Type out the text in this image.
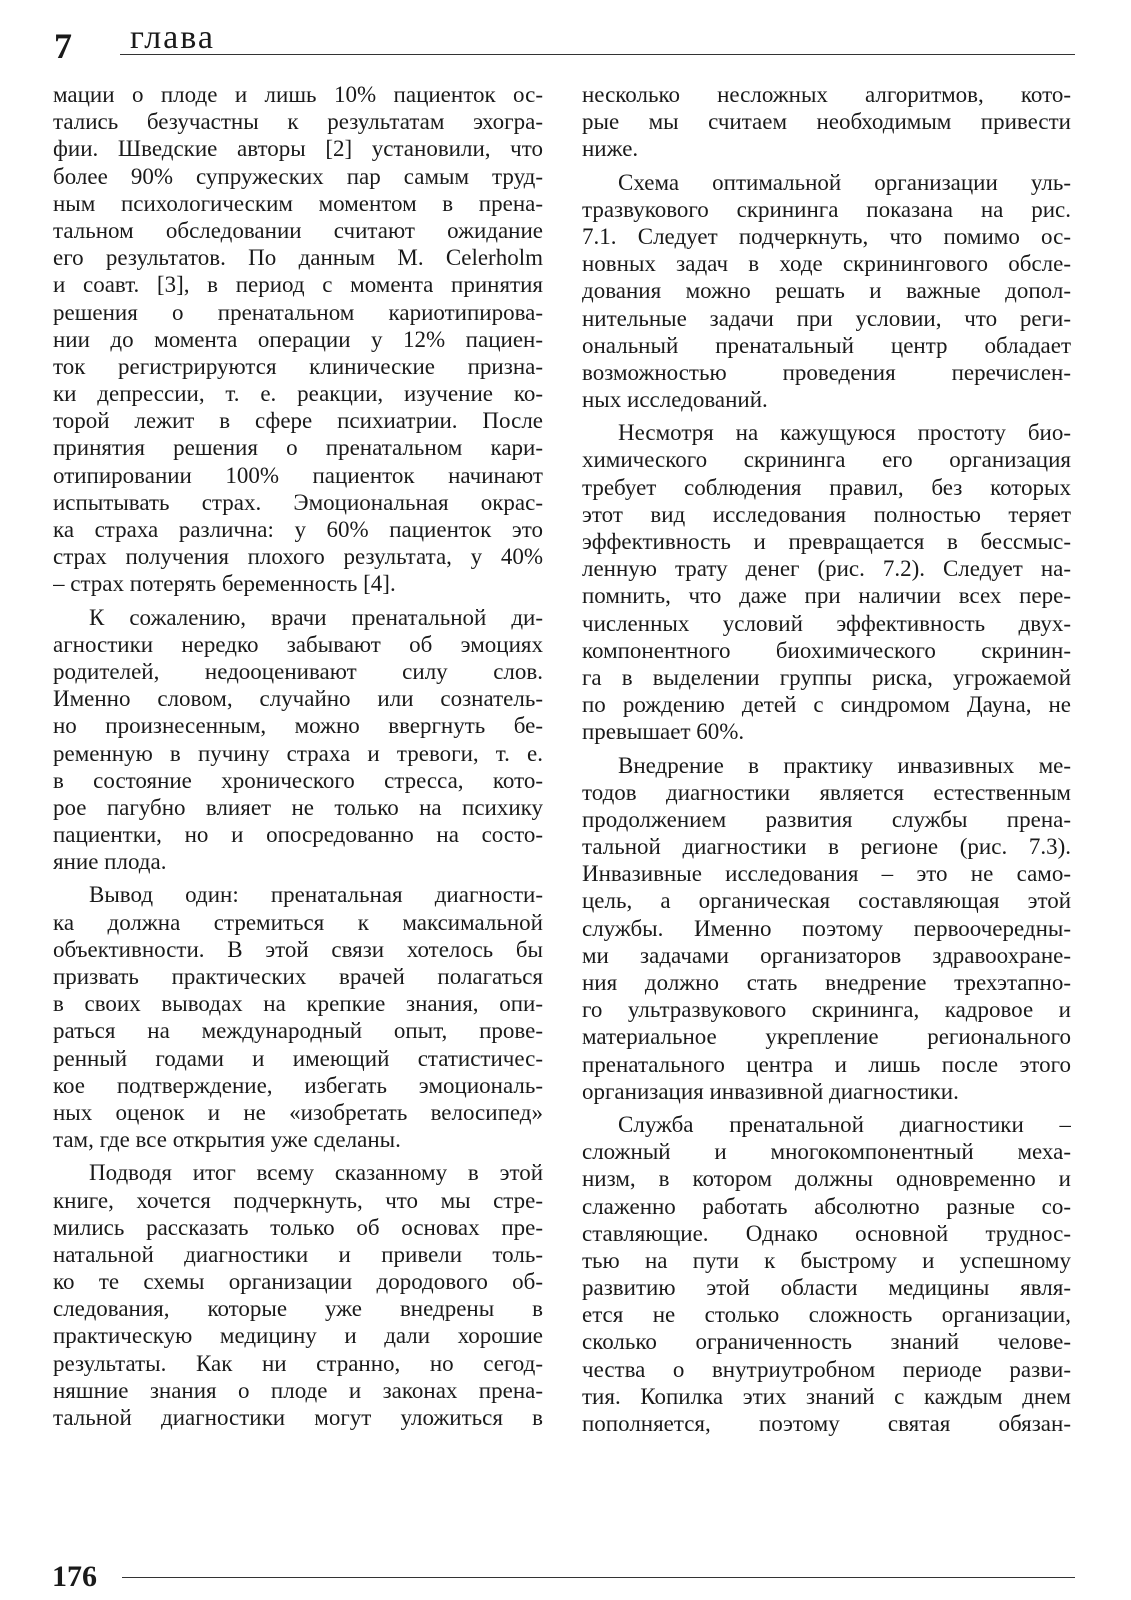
7 глава
мации о плоде и лишь 10% пациенток ос-
тались безучастны к результатам эхогра-
фии. Шведские авторы [2] установили, что
более 90% супружеских пар самым труд-
ным психологическим моментом в прена-
тальном обследовании считают ожидание
его результатов. По данным M. Celerholm
и соавт. [3], в период с момента принятия
решения о пренатальном кариотипирова-
нии до момента операции у 12% пациен-
ток регистрируются клинические призна-
ки депрессии, т. е. реакции, изучение ко-
торой лежит в сфере психиатрии. После
принятия решения о пренатальном кари-
отипировании 100% пациенток начинают
испытывать страх. Эмоциональная окрас-
ка страха различна: у 60% пациенток это
страх получения плохого результата, у 40%
– страх потерять беременность [4].
К сожалению, врачи пренатальной ди-
агностики нередко забывают об эмоциях
родителей, недооценивают силу слов.
Именно словом, случайно или сознатель-
но произнесенным, можно ввергнуть бе-
ременную в пучину страха и тревоги, т. е.
в состояние хронического стресса, кото-
рое пагубно влияет не только на психику
пациентки, но и опосредованно на состо-
яние плода.
Вывод один: пренатальная диагности-
ка должна стремиться к максимальной
объективности. В этой связи хотелось бы
призвать практических врачей полагаться
в своих выводах на крепкие знания, опи-
раться на международный опыт, прове-
ренный годами и имеющий статистичес-
кое подтверждение, избегать эмоциональ-
ных оценок и не «изобретать велосипед»
там, где все открытия уже сделаны.
Подводя итог всему сказанному в этой
книге, хочется подчеркнуть, что мы стре-
мились рассказать только об основах пре-
натальной диагностики и привели толь-
ко те схемы организации дородового об-
следования, которые уже внедрены в
практическую медицину и дали хорошие
результаты. Как ни странно, но сегод-
няшние знания о плоде и законах прена-
тальной диагностики могут уложиться в
несколько несложных алгоритмов, кото-
рые мы считаем необходимым привести
ниже.
Схема оптимальной организации уль-
тразвукового скрининга показана на рис.
7.1. Следует подчеркнуть, что помимо ос-
новных задач в ходе скринингового обсле-
дования можно решать и важные допол-
нительные задачи при условии, что реги-
ональный пренатальный центр обладает
возможностью проведения перечислен-
ных исследований.
Несмотря на кажущуюся простоту био-
химического скрининга его организация
требует соблюдения правил, без которых
этот вид исследования полностью теряет
эффективность и превращается в бессмыс-
ленную трату денег (рис. 7.2). Следует на-
помнить, что даже при наличии всех пере-
численных условий эффективность двух-
компонентного биохимического скринин-
га в выделении группы риска, угрожаемой
по рождению детей с синдромом Дауна, не
превышает 60%.
Внедрение в практику инвазивных ме-
тодов диагностики является естественным
продолжением развития службы прена-
тальной диагностики в регионе (рис. 7.3).
Инвазивные исследования – это не само-
цель, а органическая составляющая этой
службы. Именно поэтому первоочередны-
ми задачами организаторов здравоохране-
ния должно стать внедрение трехэтапно-
го ультразвукового скрининга, кадровое и
материальное укрепление регионального
пренатального центра и лишь после этого
организация инвазивной диагностики.
Служба пренатальной диагностики –
сложный и многокомпонентный меха-
низм, в котором должны одновременно и
слаженно работать абсолютно разные со-
ставляющие. Однако основной труднос-
тью на пути к быстрому и успешному
развитию этой области медицины явля-
ется не столько сложность организации,
сколько ограниченность знаний челове-
чества о внутриутробном периоде разви-
тия. Копилка этих знаний с каждым днем
пополняется, поэтому святая обязан-
176
